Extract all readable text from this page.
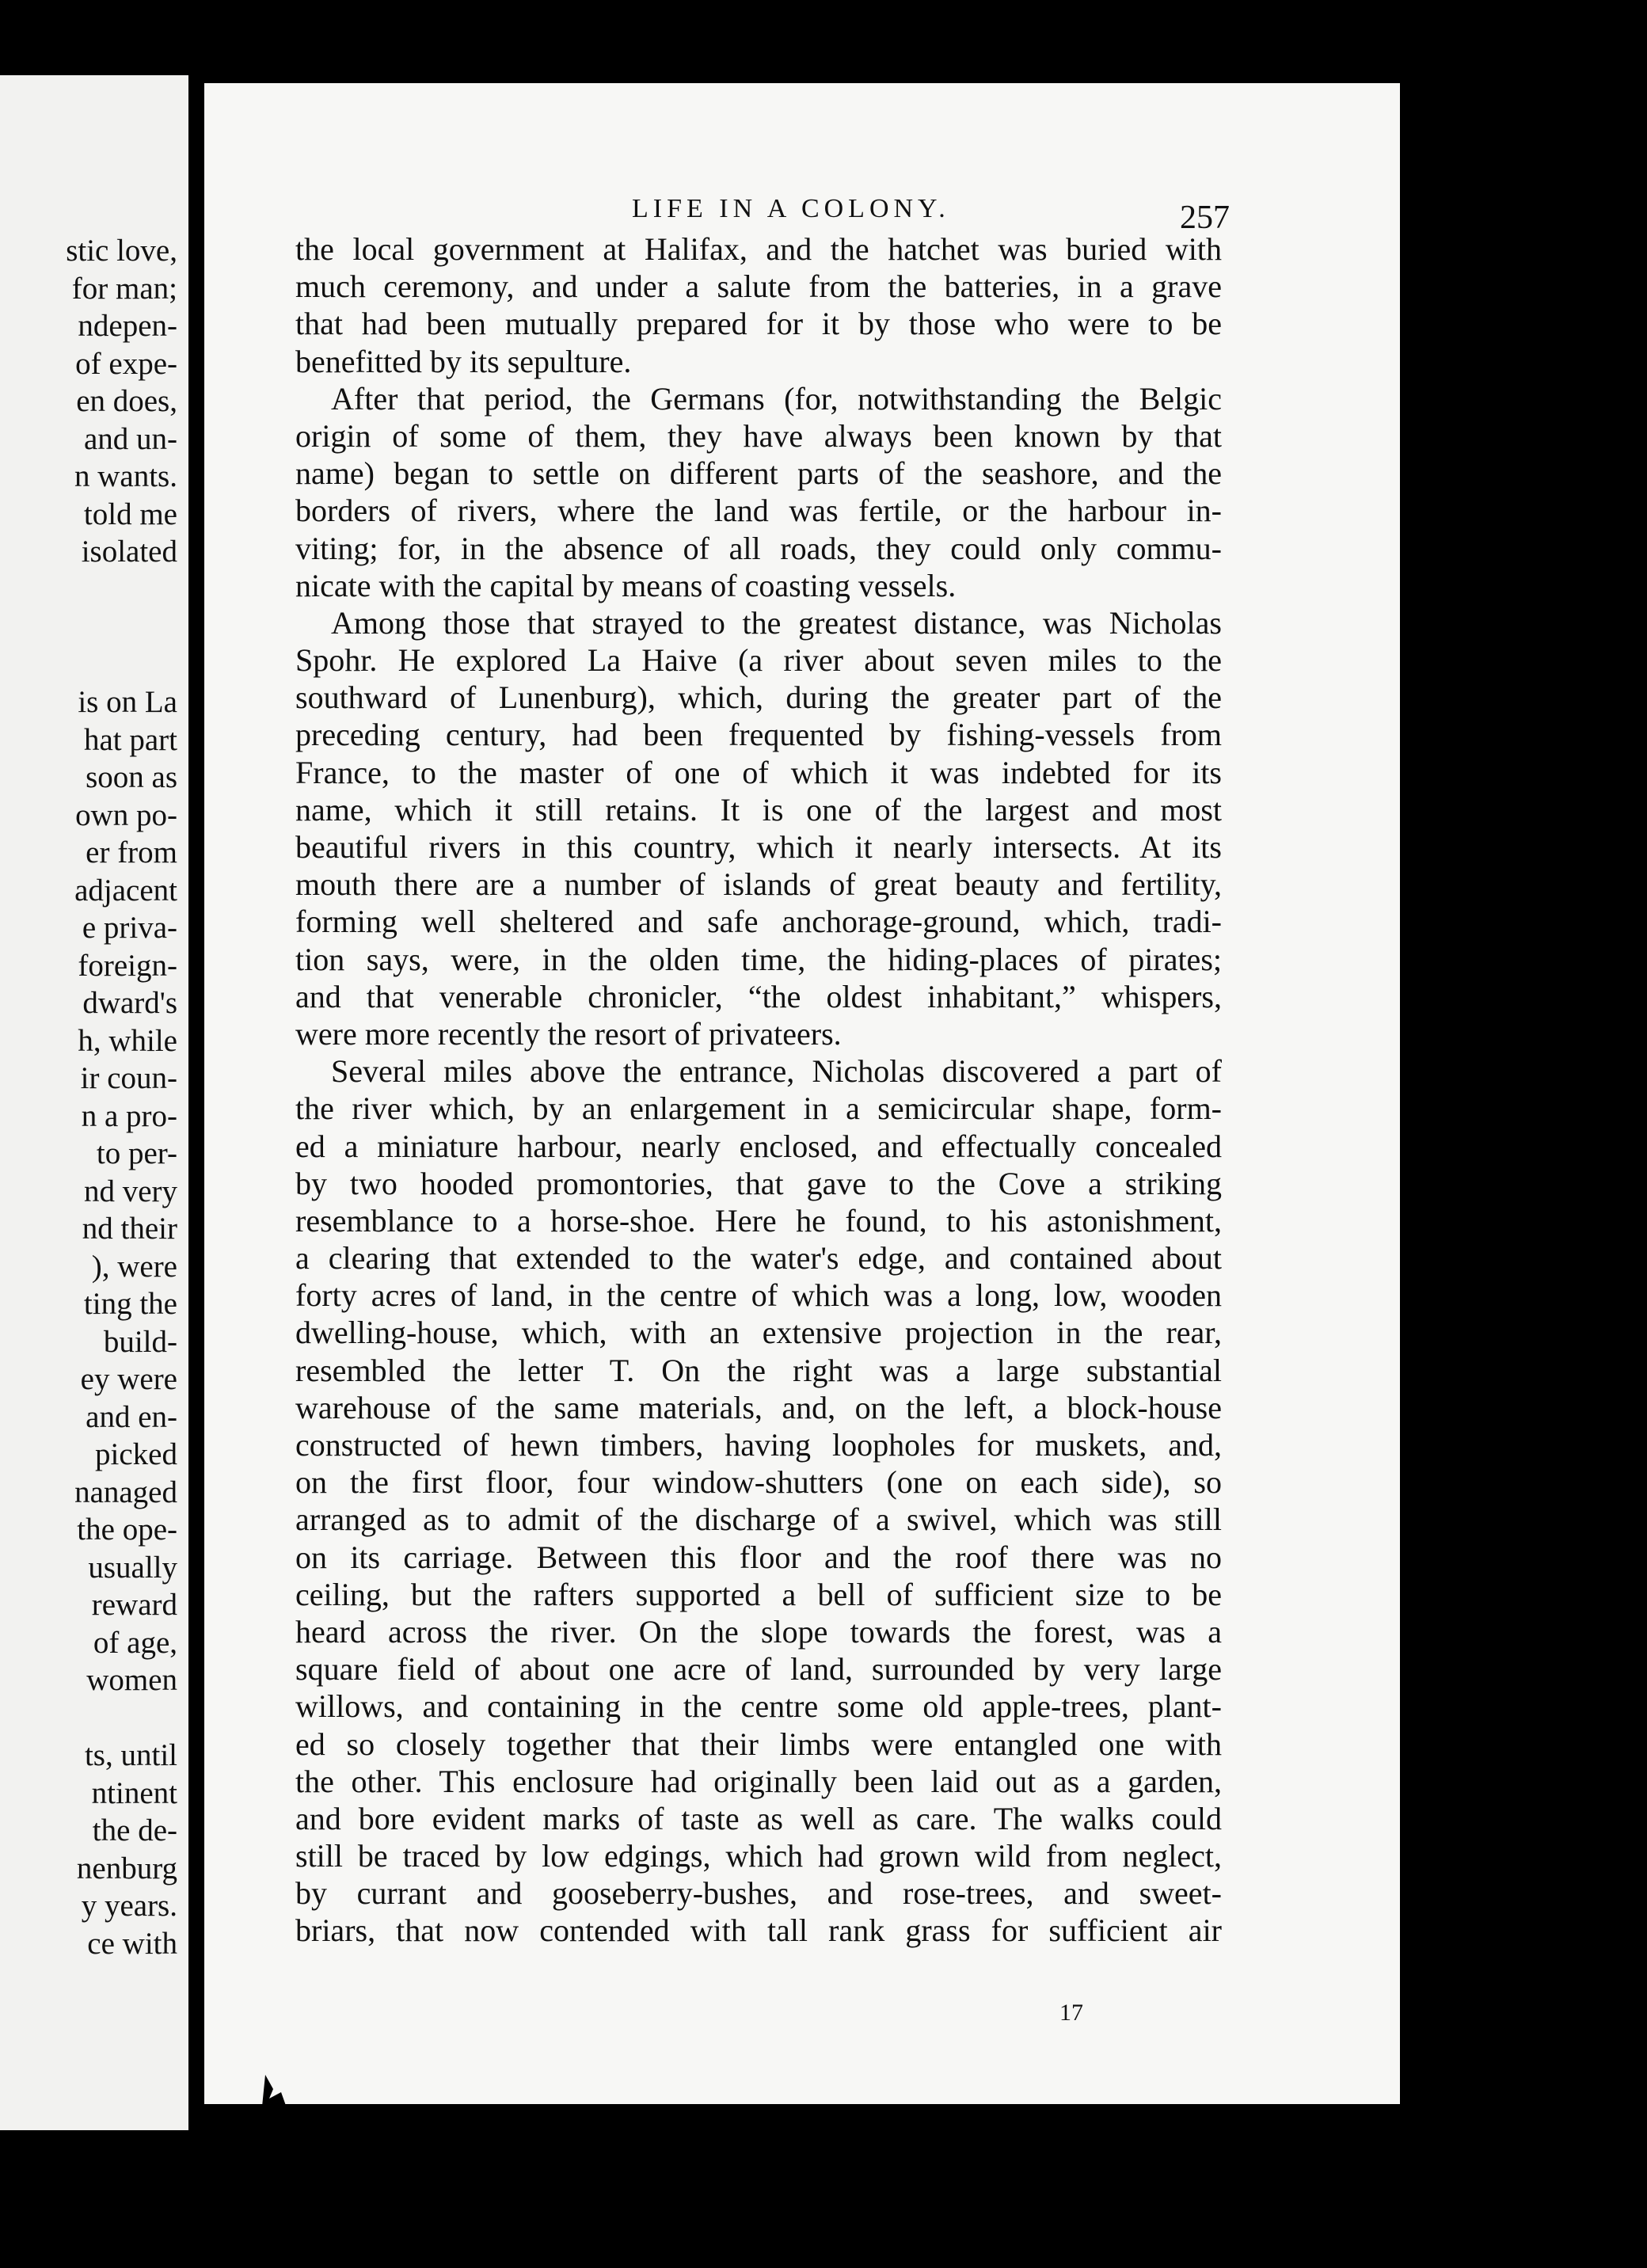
stic love,
for man;
ndepen-
of expe-
en does,
and un-
n wants.
told me
isolated
is on La
hat part
soon as
own po-
er from
adjacent
e priva-
foreign-
dward's
h, while
ir coun-
n a pro-
to per-
nd very
nd their
), were
ting the
build-
ey were
and en-
picked
nanaged
the ope-
usually
reward
of age,
women
ts, until
ntinent
the de-
nenburg
y years.
ce with
LIFE IN A COLONY.	257
the local government at Halifax, and the hatchet was buried with
much ceremony, and under a salute from the batteries, in a grave
that had been mutually prepared for it by those who were to be
benefitted by its sepulture.
After that period, the Germans (for, notwithstanding the Belgic
origin of some of them, they have always been known by that
name) began to settle on different parts of the seashore, and the
borders of rivers, where the land was fertile, or the harbour in-
viting; for, in the absence of all roads, they could only commu-
nicate with the capital by means of coasting vessels.
Among those that strayed to the greatest distance, was Nicholas
Spohr. He explored La Haive (a river about seven miles to the
southward of Lunenburg), which, during the greater part of the
preceding century, had been frequented by fishing-vessels from
France, to the master of one of which it was indebted for its
name, which it still retains. It is one of the largest and most
beautiful rivers in this country, which it nearly intersects. At its
mouth there are a number of islands of great beauty and fertility,
forming well sheltered and safe anchorage-ground, which, tradi-
tion says, were, in the olden time, the hiding-places of pirates;
and that venerable chronicler, “the oldest inhabitant,” whispers,
were more recently the resort of privateers.
Several miles above the entrance, Nicholas discovered a part of
the river which, by an enlargement in a semicircular shape, form-
ed a miniature harbour, nearly enclosed, and effectually concealed
by two hooded promontories, that gave to the Cove a striking
resemblance to a horse-shoe. Here he found, to his astonishment,
a clearing that extended to the water's edge, and contained about
forty acres of land, in the centre of which was a long, low, wooden
dwelling-house, which, with an extensive projection in the rear,
resembled the letter T. On the right was a large substantial
warehouse of the same materials, and, on the left, a block-house
constructed of hewn timbers, having loopholes for muskets, and,
on the first floor, four window-shutters (one on each side), so
arranged as to admit of the discharge of a swivel, which was still
on its carriage. Between this floor and the roof there was no
ceiling, but the rafters supported a bell of sufficient size to be
heard across the river. On the slope towards the forest, was a
square field of about one acre of land, surrounded by very large
willows, and containing in the centre some old apple-trees, plant-
ed so closely together that their limbs were entangled one with
the other. This enclosure had originally been laid out as a garden,
and bore evident marks of taste as well as care. The walks could
still be traced by low edgings, which had grown wild from neglect,
by currant and gooseberry-bushes, and rose-trees, and sweet-
briars, that now contended with tall rank grass for sufficient air
17
